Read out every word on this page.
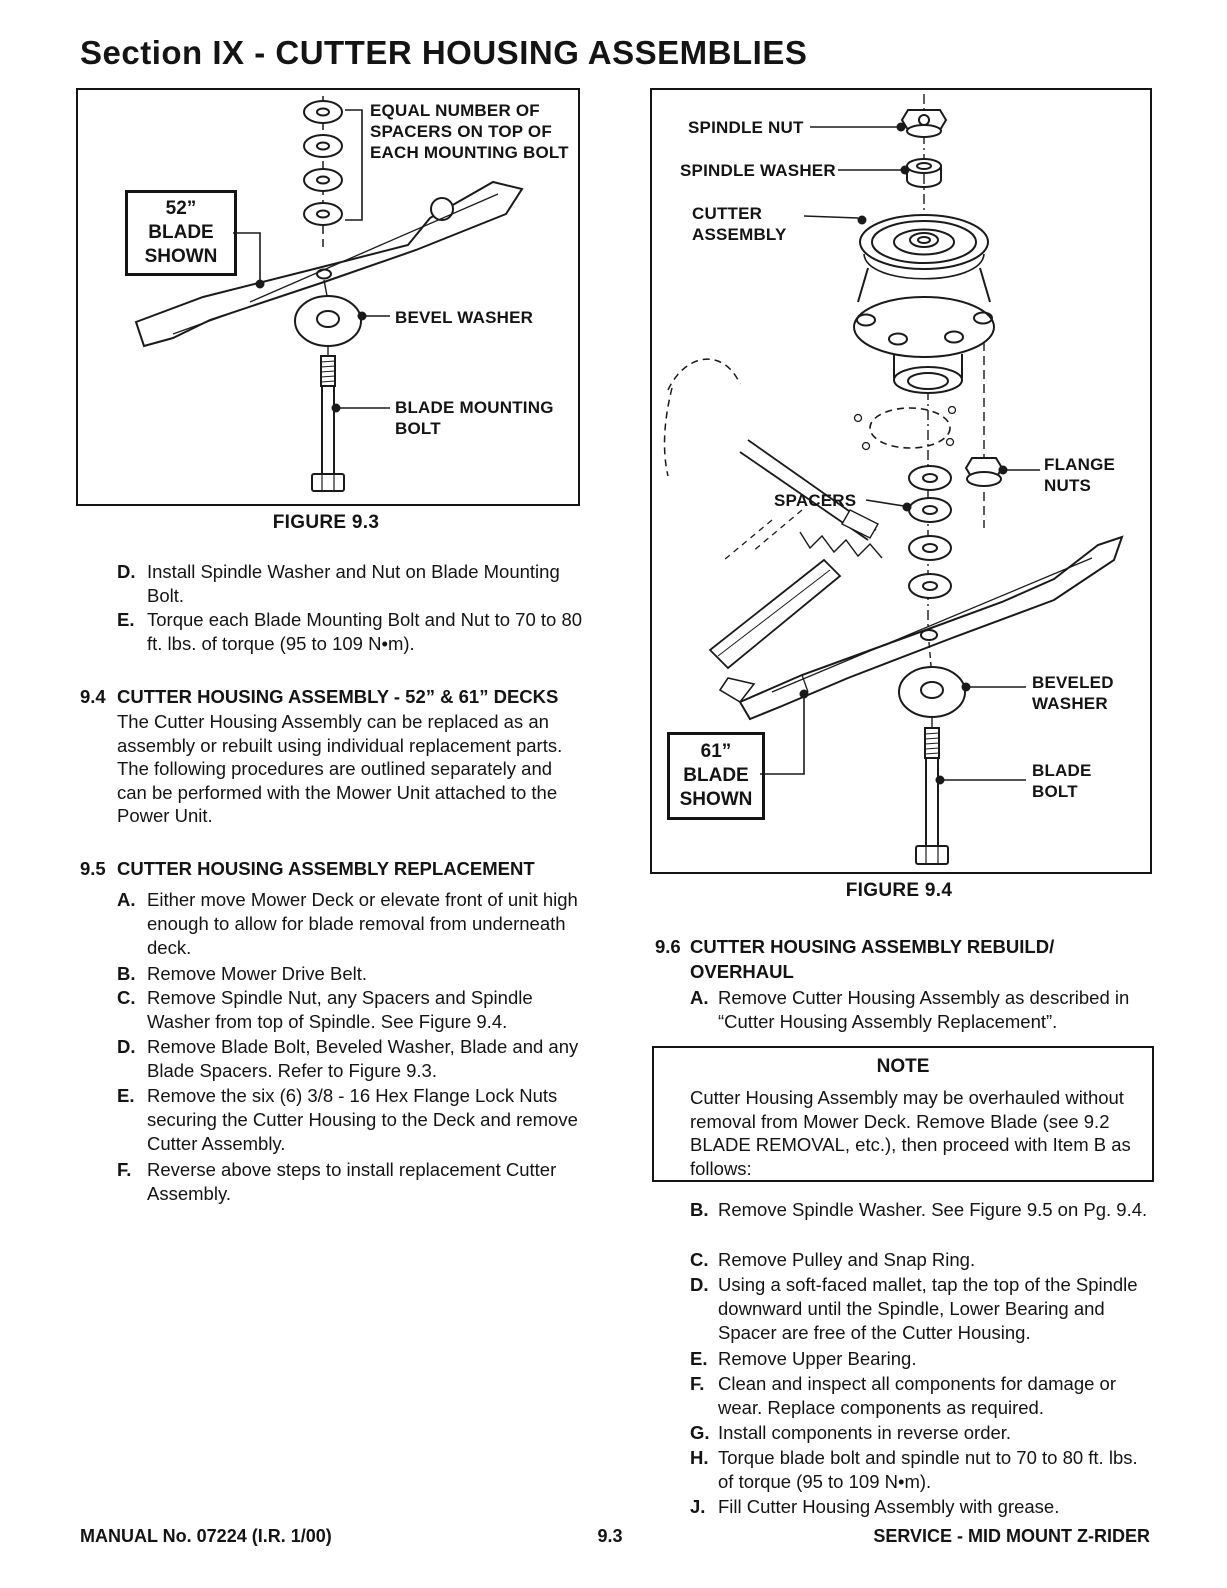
Section IX - CUTTER HOUSING ASSEMBLIES
EQUAL NUMBER OF SPACERS ON TOP OF EACH MOUNTING BOLT
52” BLADE SHOWN
BEVEL WASHER
BLADE MOUNTING BOLT
FIGURE 9.3
D. Install Spindle Washer and Nut on Blade Mounting Bolt.
E. Torque each Blade Mounting Bolt and Nut to 70 to 80 ft. lbs. of torque (95 to 109 N•m).
9.4 CUTTER HOUSING ASSEMBLY - 52” & 61” DECKS
The Cutter Housing Assembly can be replaced as an assembly or rebuilt using individual replacement parts. The following procedures are outlined separately and can be performed with the Mower Unit attached to the Power Unit.
9.5 CUTTER HOUSING ASSEMBLY REPLACEMENT
A. Either move Mower Deck or elevate front of unit high enough to allow for blade removal from underneath deck.
B. Remove Mower Drive Belt.
C. Remove Spindle Nut, any Spacers and Spindle Washer from top of Spindle. See Figure 9.4.
D. Remove Blade Bolt, Beveled Washer, Blade and any Blade Spacers. Refer to Figure 9.3.
E. Remove the six (6) 3/8 - 16 Hex Flange Lock Nuts securing the Cutter Housing to the Deck and remove Cutter Assembly.
F. Reverse above steps to install replacement Cutter Assembly.
SPINDLE NUT
SPINDLE WASHER
CUTTER ASSEMBLY
FLANGE NUTS
SPACERS
61” BLADE SHOWN
BEVELED WASHER
BLADE BOLT
FIGURE 9.4
9.6 CUTTER HOUSING ASSEMBLY REBUILD/ OVERHAUL
A. Remove Cutter Housing Assembly as described in “Cutter Housing Assembly Replacement”.
NOTE
Cutter Housing Assembly may be overhauled without removal from Mower Deck. Remove Blade (see 9.2 BLADE REMOVAL, etc.), then proceed with Item B as follows:
B. Remove Spindle Washer. See Figure 9.5 on Pg. 9.4.
C. Remove Pulley and Snap Ring.
D. Using a soft-faced mallet, tap the top of the Spindle downward until the Spindle, Lower Bearing and Spacer are free of the Cutter Housing.
E. Remove Upper Bearing.
F. Clean and inspect all components for damage or wear. Replace components as required.
G. Install components in reverse order.
H. Torque blade bolt and spindle nut to 70 to 80 ft. lbs. of torque (95 to 109 N•m).
J. Fill Cutter Housing Assembly with grease.
MANUAL No. 07224 (I.R. 1/00)	9.3	SERVICE - MID MOUNT Z-RIDER
